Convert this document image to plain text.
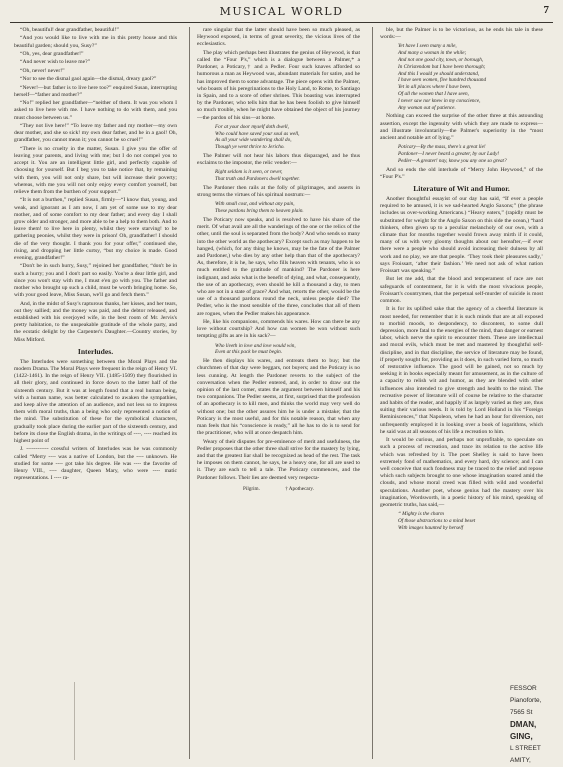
MUSICAL WORLD	7

“Oh, beautiful! dear grandfather, beautiful!”

“And you would like to live with me in this pretty house and this beautiful garden; should you, Susy?”

“Oh, yes, dear grandfather!”

“And never wish to leave me?”

“Oh, never! never!”

“Nor to see the dismal gaol again—the dismal, dreary gaol?”

“Never!—but father is to live here too?” enquired Susan, interrupting herself—“father and mother?”

“No!” replied her grandfather—“neither of them. It was you whom I asked to live here with me. I have nothing to do with them, and you must choose between us.”

“They not live here!” “To leave my father and my mother—my own dear mother, and she so sick! my own dear father, and he in a gaol! Oh, grandfather, you cannot mean it; you cannot be so cruel!”

“There is no cruelty in the matter, Susan. I give you the offer of leaving your parents, and living with me; but I do not compel you to accept it. You are an intelligent little girl, and perfectly capable of choosing for yourself. But I beg you to take notice that, by remaining with them, you will not only share, but will increase their poverty; whereas, with me you will not only enjoy every comfort yourself, but relieve them from the burthen of your support.”

“It is not a burthen,” replied Susan, firmly—“I know that, young, and weak, and ignorant as I am now, I am yet of some use to my dear mother, and of some comfort to my dear father; and every day I shall grow older and stronger, and more able to be a help to them both. And to leave them! to live here in plenty, whilst they were starving! to be gathering peonies, whilst they were in prison! Oh, grandfather! I should die of the very thought. I thank you for your offer,” continued she, rising, and dropping her little curtsy, “but my choice is made. Good evening, grandfather!”

“Don't be in such hurry, Susy,” rejoined her grandfather, “don't be in such a hurry; you and I don't part so easily. You're a dear little girl, and since you won't stay with me, I must e'en go with you. The father and mother who brought up such a child, must be worth bringing home. So, with your good leave, Miss Susan, we'll go and fetch them.”

And, in the midst of Susy's rapturous thanks, her kisses, and her tears, out they sallied; and the money was paid, and the debtor released, and established with his overjoyed wife, in the best room of Mr. Jervis's pretty habitation, to the unspeakable gratitude of the whole party, and the ecstatic delight by the Carpenter's Daughter.—Country stories, by Miss Mitford.

Interludes.

The Interludes were something between the Moral Plays and the modern Drama. The Moral Plays were frequent in the reign of Henry VI. (1422-1461). In the reign of Henry VII. (1485-1509) they flourished in all their glory, and continued in force down to the latter half of the sixteenth century. But it was at length found that a real human being, with a human name, was better calculated to awaken the sympathies, and keep alive the attention of an audience, and not less so to impress them with moral truths, than a being who only represented a notion of the mind. The substitution of these for the symbolical characters, gradually took place during the earlier part of the sixteenth century, and before its close the English drama, in the writings of ----, ---- reached its highest point of

J. ------------ ccessful writers of Interludes was he was commonly called “Merry ---- was a native of London, but the ---- unknown. He studied for some ---- got take his degree. He was ---- the favorite of Henry VIII., ---- daughter, Queen Mary, who were ---- matic representations. I ---- ra-

rare singular that the latter should have been so much pleased, as Heywood exposed, in terms of great severity, the vicious lives of the ecclesiastics.

The play which perhaps best illustrates the genius of Heywood, is that called the “Four P's,” which is a dialogue between a Palmer,* a Pardoner, a Poticary,† and a Pedler. Four such knaves afforded so humorous a man as Heywood was, abundant materials for satire, and he has improved them to some advantage. The piece opens with the Palmer, who boasts of his peregrinations to the Holy Land, to Rome, to Santiago in Spain, and to a score of other shrines. This boasting was interrupted by the Pardoner, who tells him that he has been foolish to give himself so much trouble, when he might have obtained the object of his journey—the pardon of his sins—at home.

For at your door myself doth dwell,
Who could have saved your soul as well,
As all your wide wandering shall do,
Though ye went thrice to Jericho.

The Palmer will not hear his labors thus disparaged, and he thus exclaims to the impostor, the relic vender:—

Right seldom is it seen, or never,
That truth and Pardoners dwell together.

The Pardoner then rails at the folly of pilgrimages, and asserts in strong terms the virtues of his spiritual nostrum:—

With small cost, and without any pain,
These pardons bring them to heaven plain.

The Poticary now speaks, and is resolved to have his share of the merit. Of what avail are all the wanderings of the one or the relics of the other, until the soul is separated from the body? And who sends so many into the other world as the apothecary? Except such as may happen to be hanged, (which, for any thing he knows, may be the fate of the Palmer and Pardoner,) who dies by any other help than that of the apothecary? As, therefore, it is he, he says, who fills heaven with tenants, who is so much entitled to the gratitude of mankind? The Pardoner is here indignant, and asks what is the benefit of dying, and what, consequently, the use of an apothecary, even should he kill a thousand a day, to men who are not in a state of grace? And what, retorts the other, would be the use of a thousand pardons round the neck, unless people died? The Pedler, who is the most sensible of the three, concludes that all of them are rogues, when the Pedler makes his appearance.

He, like his companions, commends his wares. How can there be any love without courtship? And how can women be won without such tempting gifts as are in his sack?—

Who liveth in love and love would win,
Even at this pack he must begin.

He then displays his wares, and entreats them to buy; but the churchmen of that day were beggars, not buyers; and the Poticary is no less cunning. At length the Pardoner reverts to the subject of the conversation when the Pedler entered, and, in order to draw out the opinion of the last comer, states the argument between himself and his two companions. The Pedler seems, at first, surprised that the profession of an apothecary is to kill men, and thinks the world may very well do without one; but the other assures him he is under a mistake; that the Poticary is the most useful, and for this notable reason, that when any man feels that his “conscience is ready,” all he has to do is to send for the practitioner, who will at once despatch him.

Weary of their disputes for pre-eminence of merit and usefulness, the Pedler proposes that the other three shall strive for the mastery by lying, and that the greatest liar shall be recognized as head of the rest. The task he imposes on them cannot, he says, be a heavy one, for all are used to it. They are each to tell a tale. The Poticary commences, and the Pardoner follows. Their lies are deemed very respecta-

Pilgrim.	† Apothecary.

ble, but the Palmer is to be victorious, as he ends his tale in these words:—

Yet have I seen many a mile,
And many a woman in the while;
And not one good city, town, or borough,
In Christendom but I have been thorough;
And this I would ye should understand,
I have seen women, five hundred thousand
Yet in all places where I have been,
Of all the women that I have seen,
I never saw nor knew in my conscience,
Any woman out of patience.

Nothing can exceed the surprise of the other three at this astounding assertion, except the ingenuity with which they are made to express—and illustrate involuntarily—the Palmer's superiority in the “most ancient and notable art of lying.”

Poticary—By the mass, there's a great lie!
Pardoner—I never heard a greater, by our Lady!
Pedler—A greater! nay, know you any one so great?

And so ends the old interlude of “Merry John Heywood,” of the “Four P's.”

Literature of Wit and Humor.

Another thoughtful essayist of our day has said, “If ever a people required to be amused, it is we sad-hearted Anglo Saxons;” (the phrase includes us over-working Americans.) “Heavy eaters,” (rapidly must be substituted for weight for the Anglo Saxon on this side the ocean,) “hard thinkers, often given up to a peculiar melancholy of our own, with a climate that for months together would frown away mirth if it could, many of us with very gloomy thoughts about our hereafter,—if ever there were a people who should avoid increasing their dulness by all work and no play, we are that people. ‘They took their pleasures sadly,’ says Froissart, ‘after their fashion.’ We need not ask of what nation Froissart was speaking.”

But let me add, that the blood and temperament of race are not safeguards of contentment, for it is with the most vivacious people, Froissart's countrymen, that the perpetual self-murder of suicide is most common.

It is for its uplifted sake that the agency of a cheerful literature is most needed, for remember that it is such minds that are at all exposed to morbid moods, to despondency, to discontent, to some dull depression, more fatal to the energies of the mind, than danger or earnest labor, which nerve the spirit to encounter them. These are intellectual and moral evils, which must be met and mastered by thoughtful self-discipline, and in that discipline, the service of literature may be found, if properly sought for, providing as it does, in such varied form, so much of restorative influence. The good will be gained, not so much by seeking it in books especially meant for amusement, as in the culture of a capacity to relish wit and humor, as they are blended with other influences also intended to give strength and health to the mind. The recreative power of literature will of course be relative to the character and habits of the reader, and happily if as largely varied as they are, thus suiting their various needs. It is told by Lord Holland in his “Foreign Reminiscences,” that Napoleon, when he had an hour for diversion, not unfrequently employed it in looking over a book of logarithms, which he said was at all seasons of his life a recreation to him.

It would be curious, and perhaps not unprofitable, to speculate on such a process of recreation, and trace its relation to the active life which was refreshed by it. The poet Shelley is said to have been extremely fond of mathematics, and every hard, dry science; and I can well conceive that such fondness may be traced to the relief and repose which such subjects brought to one whose imagination soared amid the clouds, and whose moral creed was filled with wild and wonderful speculations. Another poet, whose genius had the mastery over his imagination, Wordsworth, in a poetic history of his mind, speaking of geometric truths, has said,—

“ Mighty is the charm
Of those abstractions to a mind beset
With images haunted by herself
FESSOR
Pianoforte,
7565 St
DMAN,
GING,
L STREET
AMITY,
